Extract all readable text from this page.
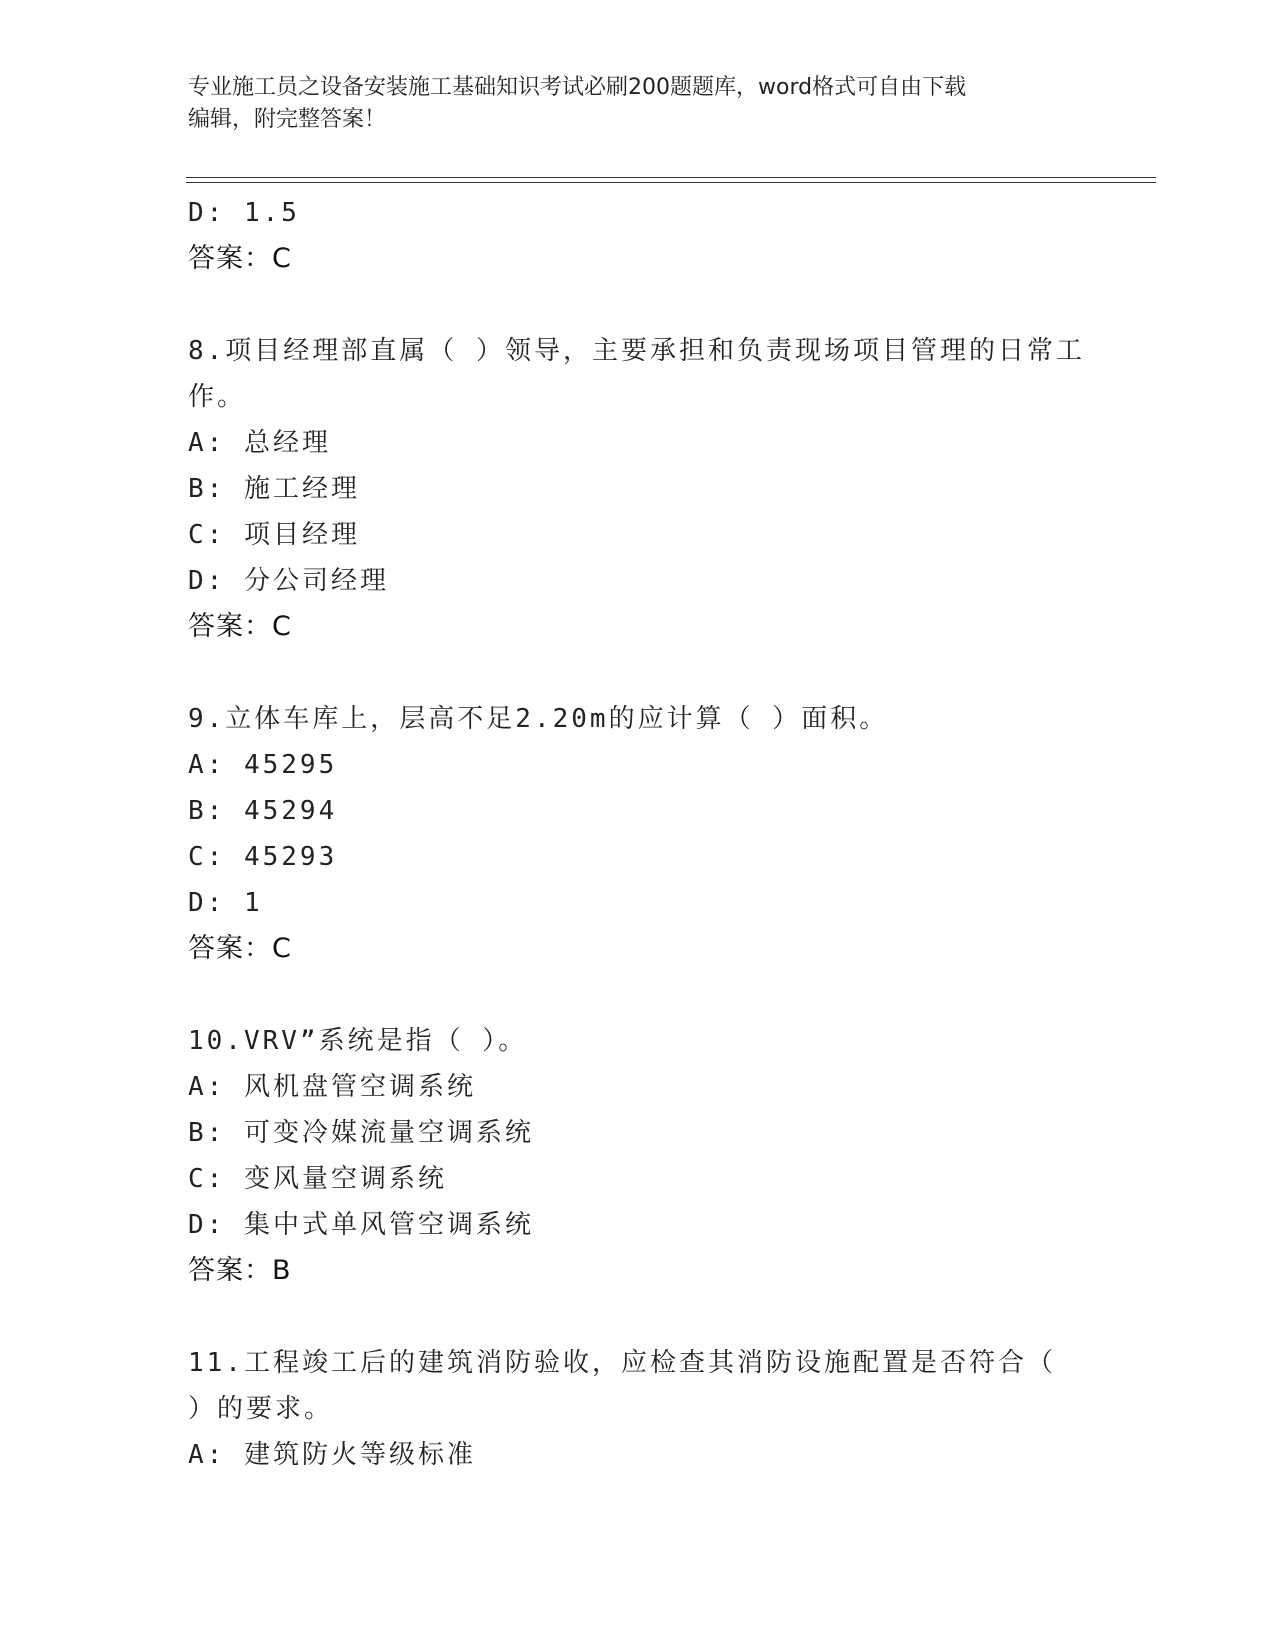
专业施工员之设备安装施工基础知识考试必刷200题题库，word格式可自由下载
编辑，附完整答案！
D: 1.5
答案：C
8.项目经理部直属（ ）领导，主要承担和负责现场项目管理的日常工
作。
A: 总经理
B: 施工经理
C: 项目经理
D: 分公司经理
答案：C
9.立体车库上，层高不足2.20m的应计算（ ）面积。
A: 45295
B: 45294
C: 45293
D: 1
答案：C
10.VRV”系统是指（ ）。
A: 风机盘管空调系统
B: 可变冷媒流量空调系统
C: 变风量空调系统
D: 集中式单风管空调系统
答案：B
11.工程竣工后的建筑消防验收，应检查其消防设施配置是否符合（
）的要求。
A: 建筑防火等级标准
